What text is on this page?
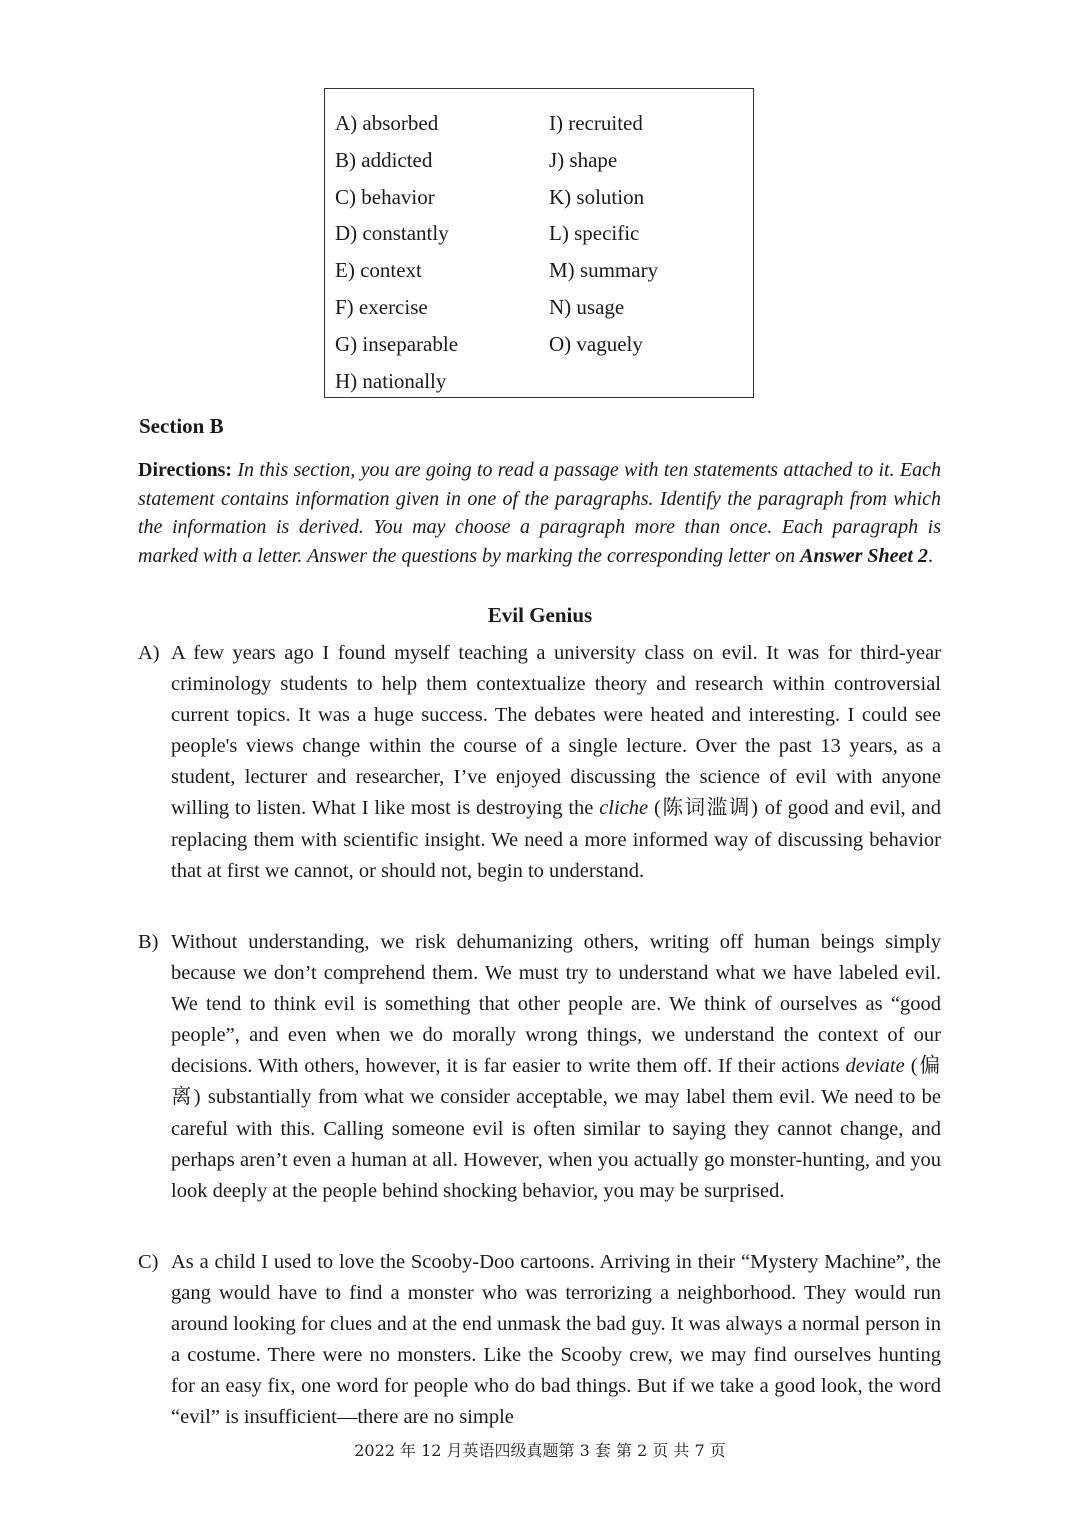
A) absorbed
B) addicted
C) behavior
D) constantly
E) context
F) exercise
G) inseparable
H) nationally
I) recruited
J) shape
K) solution
L) specific
M) summary
N) usage
O) vaguely
Section B
Directions: In this section, you are going to read a passage with ten statements attached to it. Each statement contains information given in one of the paragraphs. Identify the paragraph from which the information is derived. You may choose a paragraph more than once. Each paragraph is marked with a letter. Answer the questions by marking the corresponding letter on Answer Sheet 2.
Evil Genius
A) A few years ago I found myself teaching a university class on evil. It was for third-year criminology students to help them contextualize theory and research within controversial current topics. It was a huge success. The debates were heated and interesting. I could see people's views change within the course of a single lecture. Over the past 13 years, as a student, lecturer and researcher, I’ve enjoyed discussing the science of evil with anyone willing to listen. What I like most is destroying the cliche (陈词滥调) of good and evil, and replacing them with scientific insight. We need a more informed way of discussing behavior that at first we cannot, or should not, begin to understand.
B) Without understanding, we risk dehumanizing others, writing off human beings simply because we don’t comprehend them. We must try to understand what we have labeled evil. We tend to think evil is something that other people are. We think of ourselves as “good people”, and even when we do morally wrong things, we understand the context of our decisions. With others, however, it is far easier to write them off. If their actions deviate (偏离) substantially from what we consider acceptable, we may label them evil. We need to be careful with this. Calling someone evil is often similar to saying they cannot change, and perhaps aren’t even a human at all. However, when you actually go monster-hunting, and you look deeply at the people behind shocking behavior, you may be surprised.
C) As a child I used to love the Scooby-Doo cartoons. Arriving in their “Mystery Machine”, the gang would have to find a monster who was terrorizing a neighborhood. They would run around looking for clues and at the end unmask the bad guy. It was always a normal person in a costume. There were no monsters. Like the Scooby crew, we may find ourselves hunting for an easy fix, one word for people who do bad things. But if we take a good look, the word “evil” is insufficient—there are no simple
2022 年 12 月英语四级真题第 3 套 第 2 页 共 7 页
